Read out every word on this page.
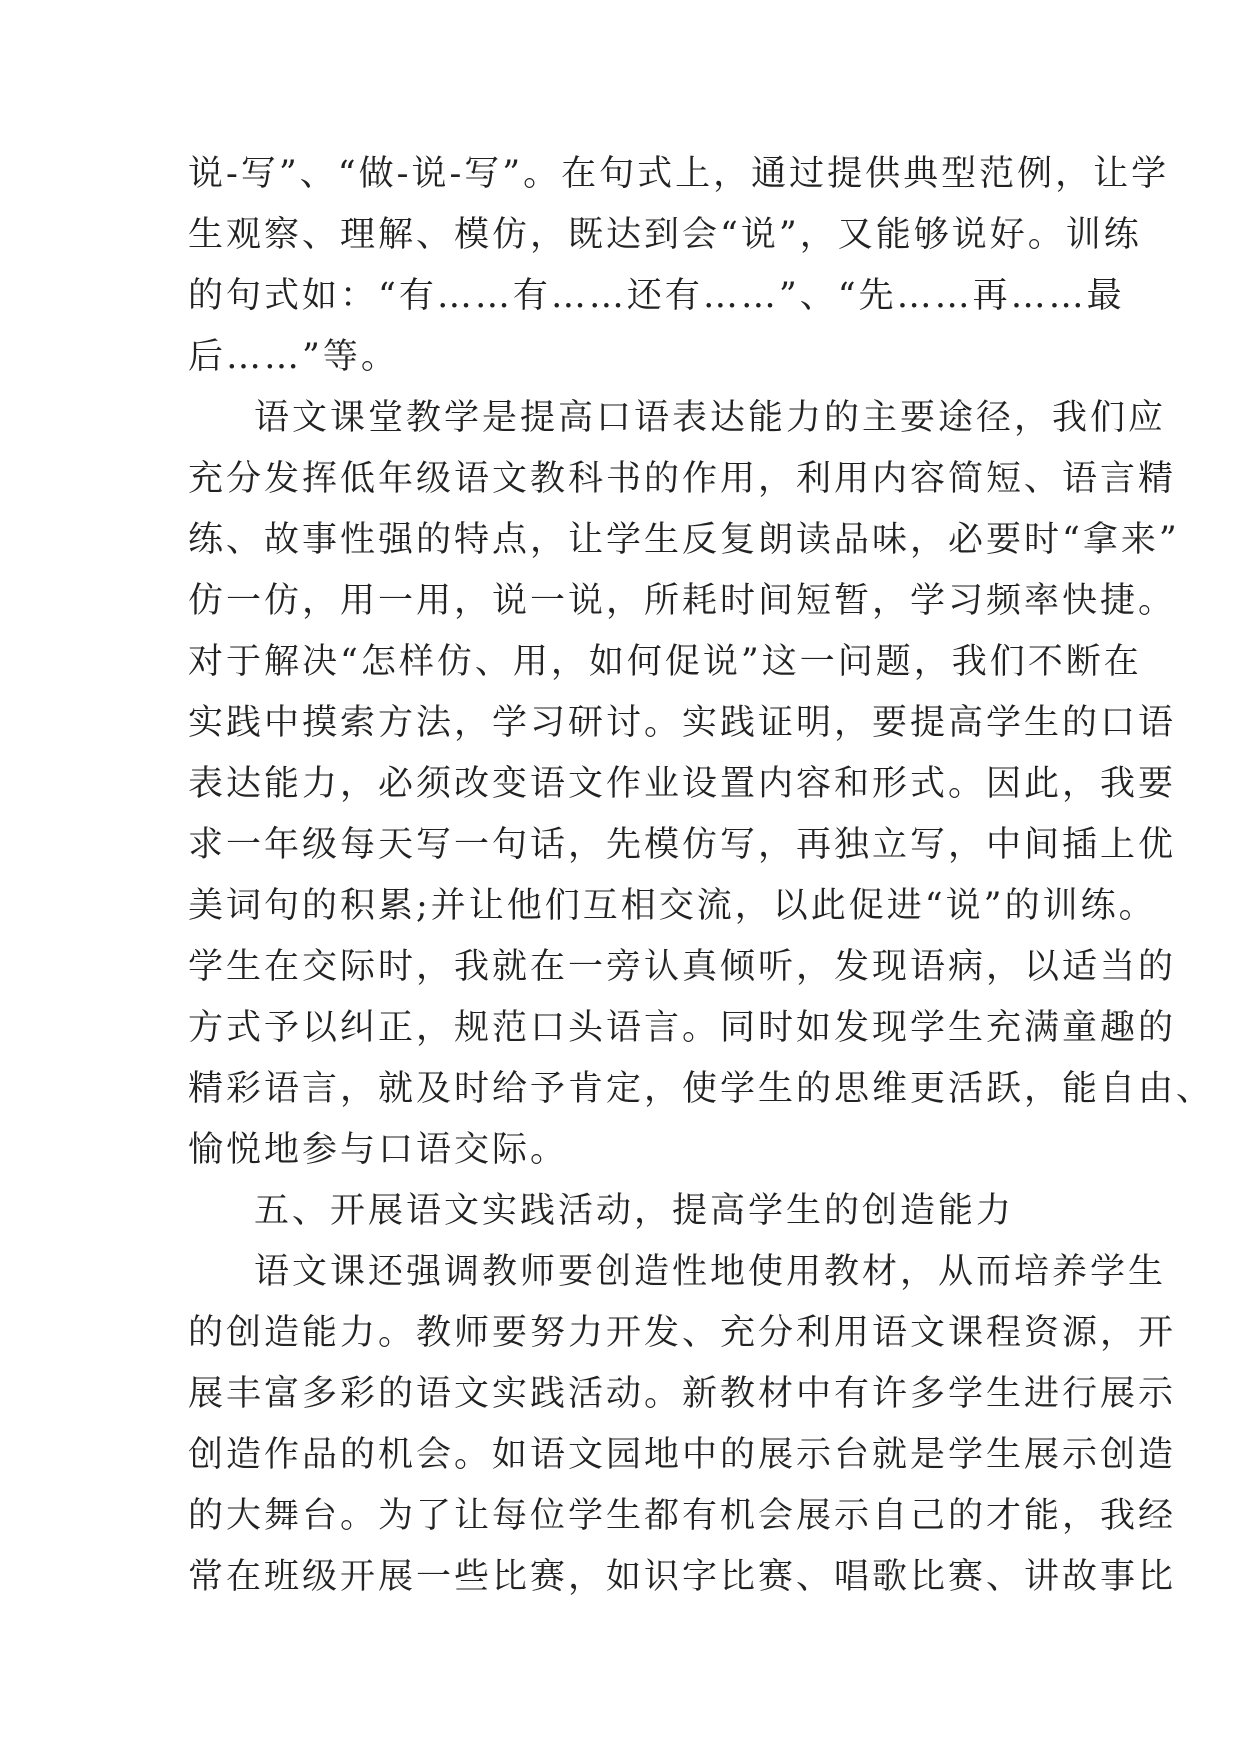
说-写”、“做-说-写”。在句式上，通过提供典型范例，让学
生观察、理解、模仿，既达到会“说”，又能够说好。训练
的句式如：“有……有……还有……”、“先……再……最
后……”等。
语文课堂教学是提高口语表达能力的主要途径，我们应
充分发挥低年级语文教科书的作用，利用内容简短、语言精
练、故事性强的特点，让学生反复朗读品味，必要时“拿来”
仿一仿，用一用，说一说，所耗时间短暂，学习频率快捷。
对于解决“怎样仿、用，如何促说”这一问题，我们不断在
实践中摸索方法，学习研讨。实践证明，要提高学生的口语
表达能力，必须改变语文作业设置内容和形式。因此，我要
求一年级每天写一句话，先模仿写，再独立写，中间插上优
美词句的积累;并让他们互相交流，以此促进“说”的训练。
学生在交际时，我就在一旁认真倾听，发现语病，以适当的
方式予以纠正，规范口头语言。同时如发现学生充满童趣的
精彩语言，就及时给予肯定，使学生的思维更活跃，能自由、
愉悦地参与口语交际。
五、开展语文实践活动，提高学生的创造能力
语文课还强调教师要创造性地使用教材，从而培养学生
的创造能力。教师要努力开发、充分利用语文课程资源，开
展丰富多彩的语文实践活动。新教材中有许多学生进行展示
创造作品的机会。如语文园地中的展示台就是学生展示创造
的大舞台。为了让每位学生都有机会展示自己的才能，我经
常在班级开展一些比赛，如识字比赛、唱歌比赛、讲故事比
